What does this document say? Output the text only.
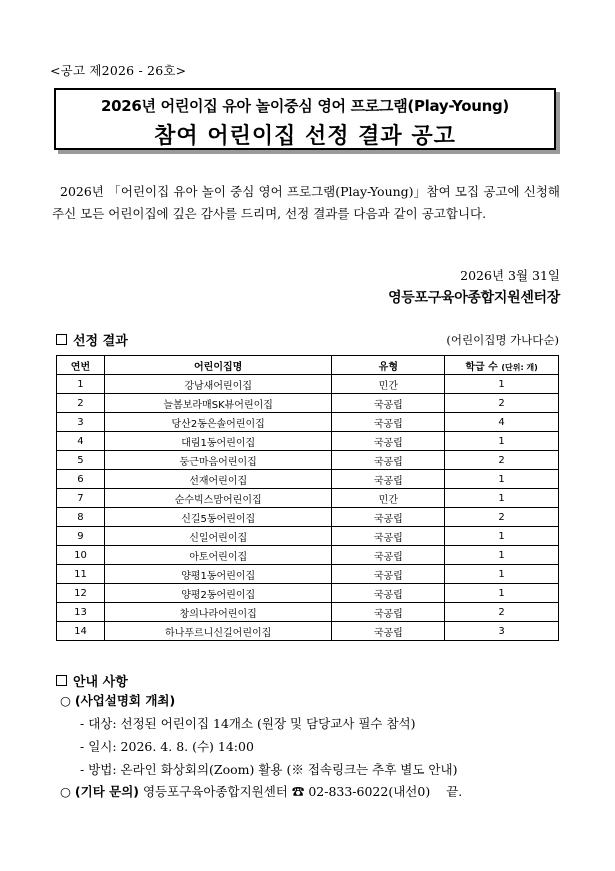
<공고 제2026 - 26호>
2026년 어린이집 유아 놀이중심 영어 프로그램(Play-Young)
참여 어린이집 선정 결과 공고
2026년 「어린이집 유아 놀이 중심 영어 프로그램(Play-Young)」참여 모집 공고에 신청해 주신 모든 어린이집에 깊은 감사를 드리며, 선정 결과를 다음과 같이 공고합니다.
2026년 3월 31일
영등포구육아종합지원센터장
선정 결과	(어린이집명 가나다순)
연번	어린이집명	유형	학급 수 (단위: 개)
1	강남새어린이집	민간	1
2	늘봄보라매SK뷰어린이집	국공립	2
3	당산2동은솔어린이집	국공립	4
4	대림1동어린이집	국공립	1
5	둥근마음어린이집	국공립	2
6	선재어린이집	국공립	1
7	순수빅스맘어린이집	민간	1
8	신길5동어린이집	국공립	2
9	신일어린이집	국공립	1
10	아토어린이집	국공립	1
11	양평1동어린이집	국공립	1
12	양평2동어린이집	국공립	1
13	창의나라어린이집	국공립	2
14	하나푸르니신길어린이집	국공립	3
안내 사항
○ (사업설명회 개최)
- 대상: 선정된 어린이집 14개소 (원장 및 담당교사 필수 참석)
- 일시: 2026. 4. 8. (수) 14:00
- 방법: 온라인 화상회의(Zoom) 활용 (※ 접속링크는 추후 별도 안내)
○ (기타 문의) 영등포구육아종합지원센터 ☎ 02-833-6022(내선0) 끝.
